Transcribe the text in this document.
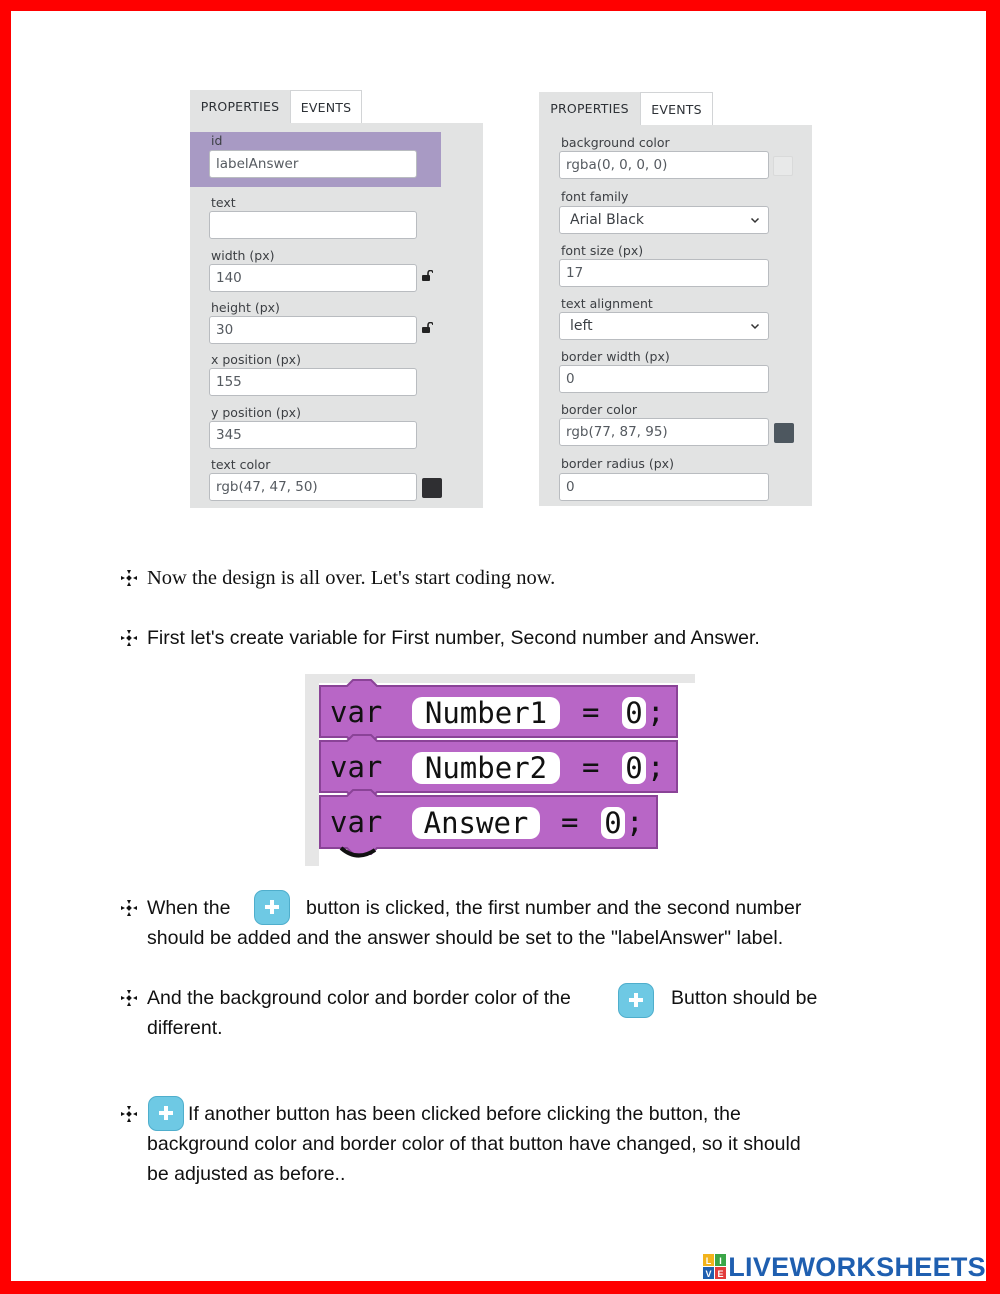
PROPERTIES	EVENTS
id
labelAnswer
text
width (px)
140
height (px)
30
x position (px)
155
y position (px)
345
text color
rgb(47, 47, 50)
PROPERTIES	EVENTS
background color
rgba(0, 0, 0, 0)
font family
Arial Black
font size (px)
17
text alignment
left
border width (px)
0
border color
rgb(77, 87, 95)
border radius (px)
0
Now the design is all over. Let's start coding now.
First let's create variable for First number, Second number and Answer.
var	Number1	= 0 ;
var	Number2	= 0 ;
var	Answer	= 0 ;
When the	button is clicked, the first number and the second number
should be added and the answer should be set to the "labelAnswer" label.
And the background color and border color of the	Button should be
different.
If another button has been clicked before clicking the button, the
background color and border color of that button have changed, so it should
be adjusted as before..
L I
V E LIVEWORKSHEETS
